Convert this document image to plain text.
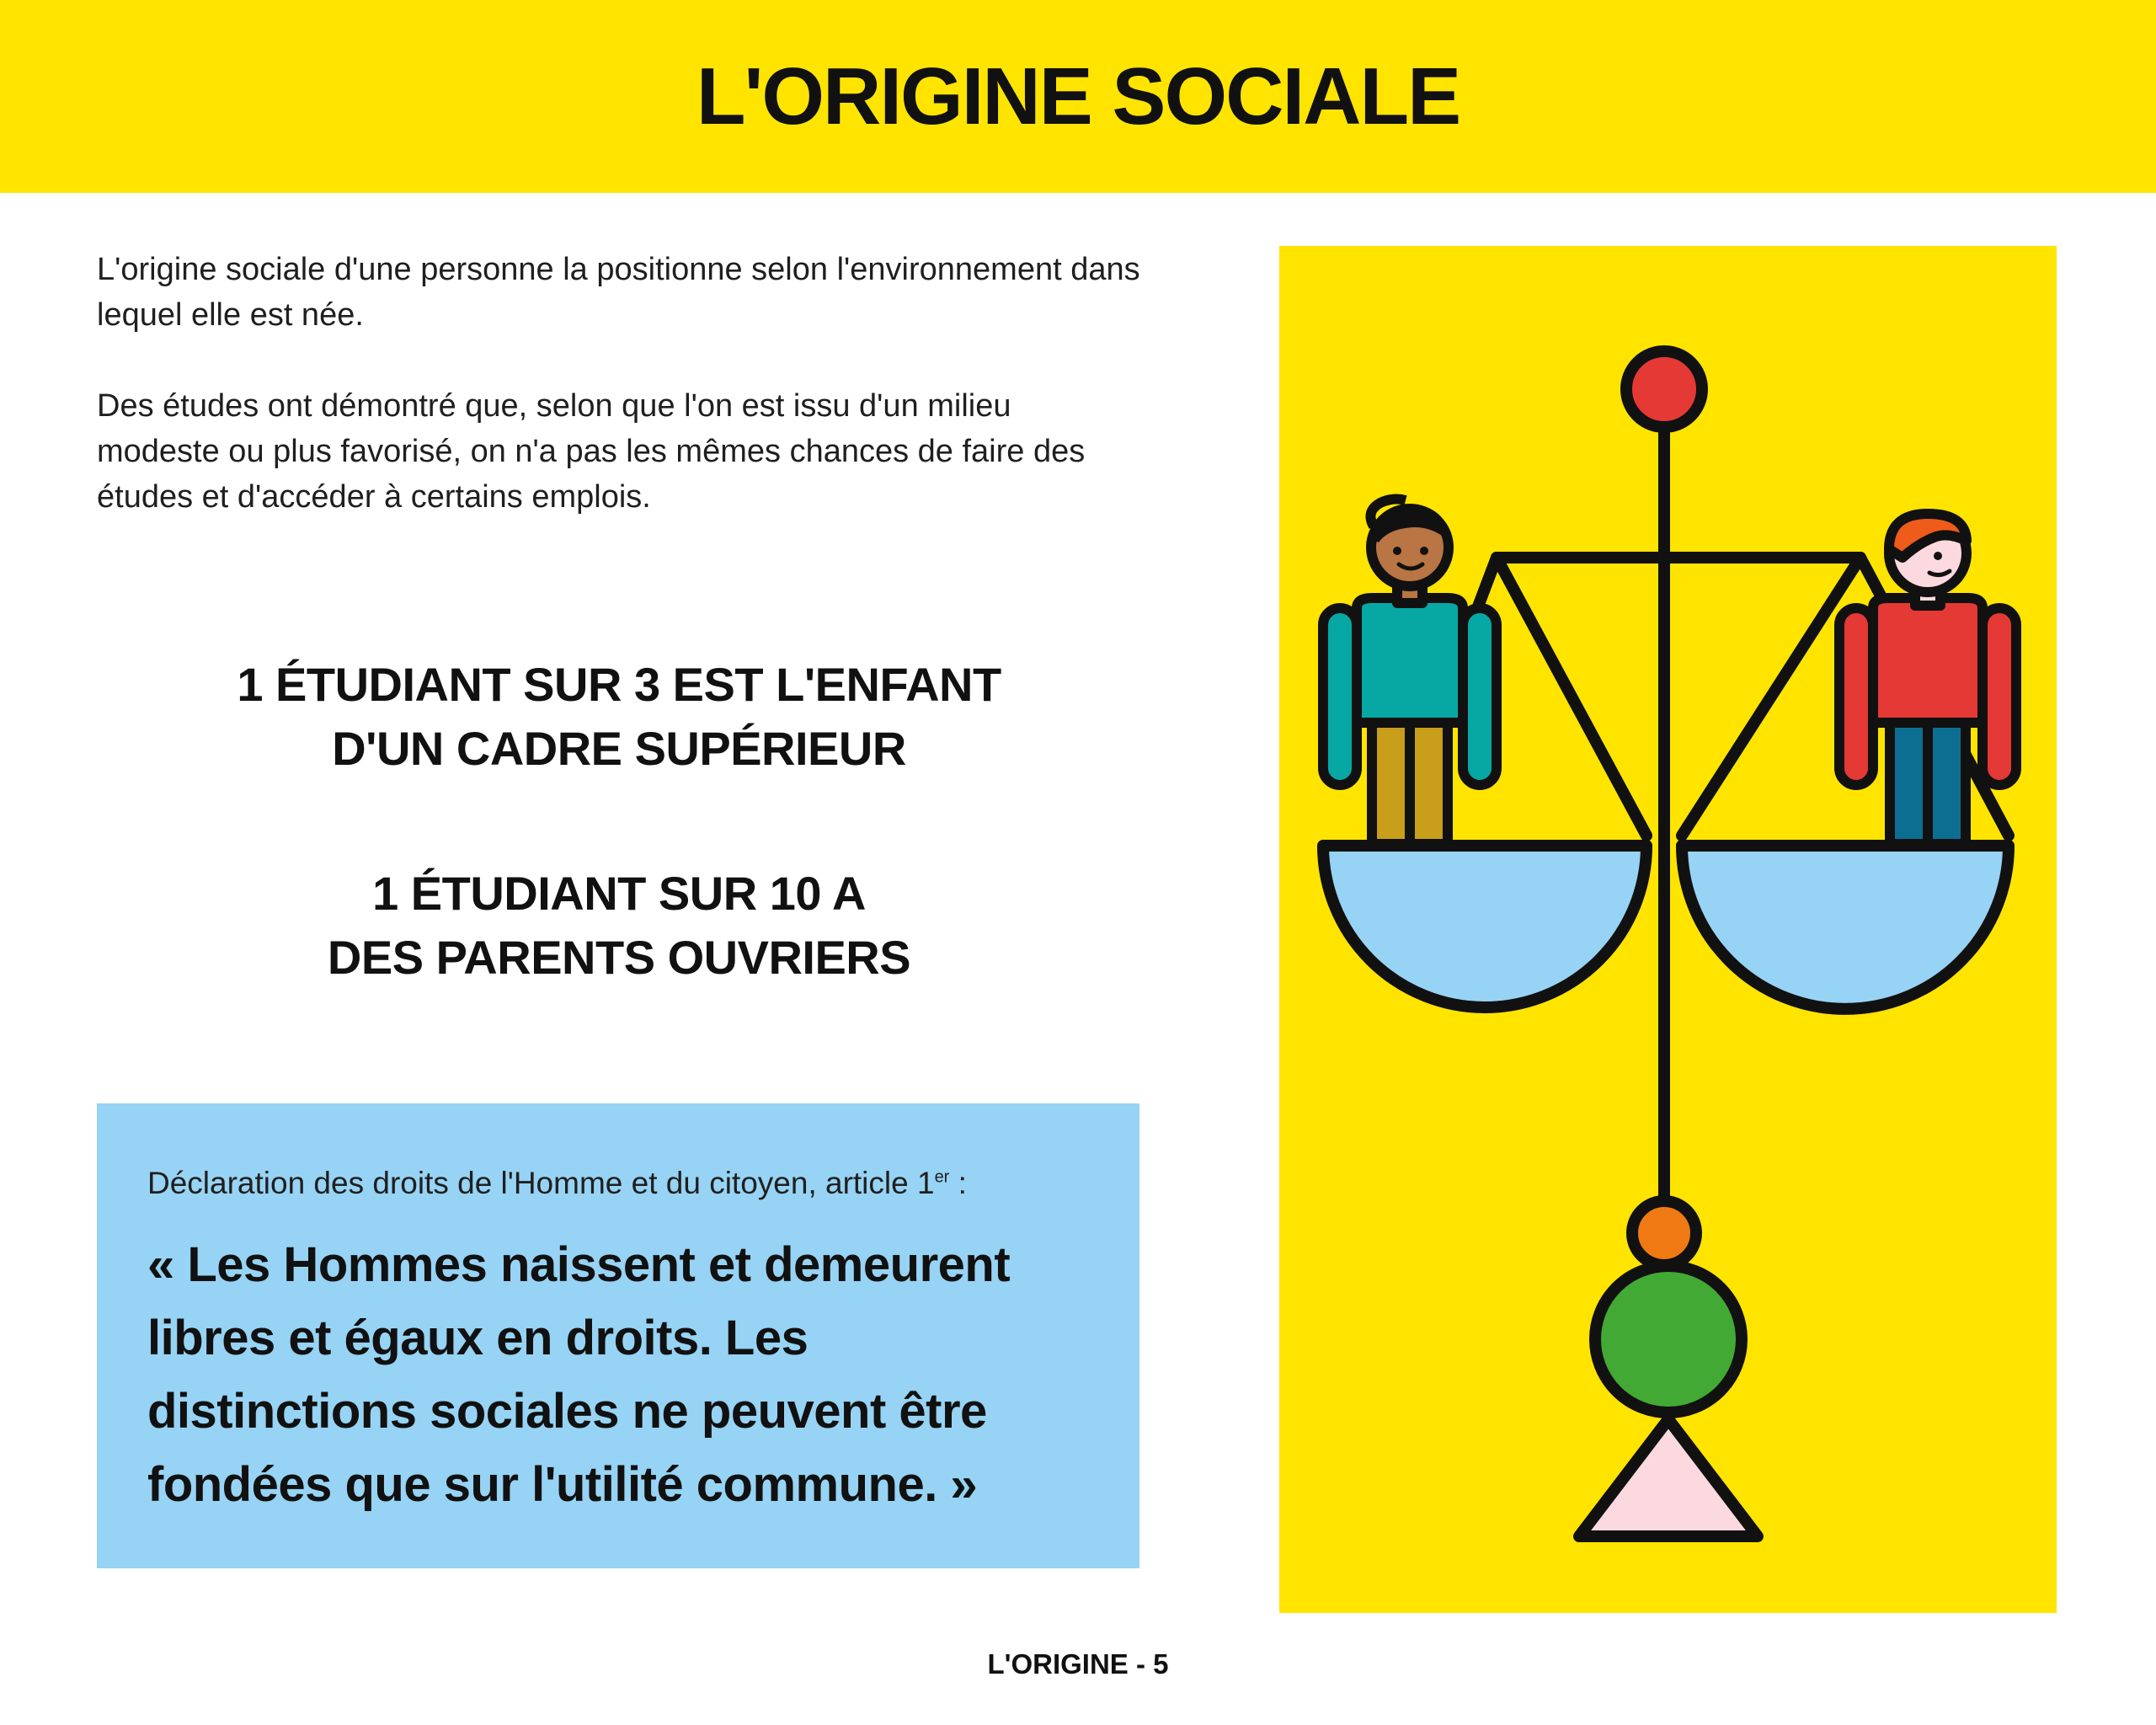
L'ORIGINE SOCIALE

L'origine sociale d'une personne la positionne selon l'environnement dans lequel elle est née.

Des études ont démontré que, selon que l'on est issu d'un milieu modeste ou plus favorisé, on n'a pas les mêmes chances de faire des études et d'accéder à certains emplois.

1 ÉTUDIANT SUR 3 EST L'ENFANT
D'UN CADRE SUPÉRIEUR
1 ÉTUDIANT SUR 10 A
DES PARENTS OUVRIERS
Déclaration des droits de l'Homme et du citoyen, article 1er :
« Les Hommes naissent et demeurent
libres et égaux en droits. Les
distinctions sociales ne peuvent être
fondées que sur l'utilité commune. »
L'ORIGINE - 5
